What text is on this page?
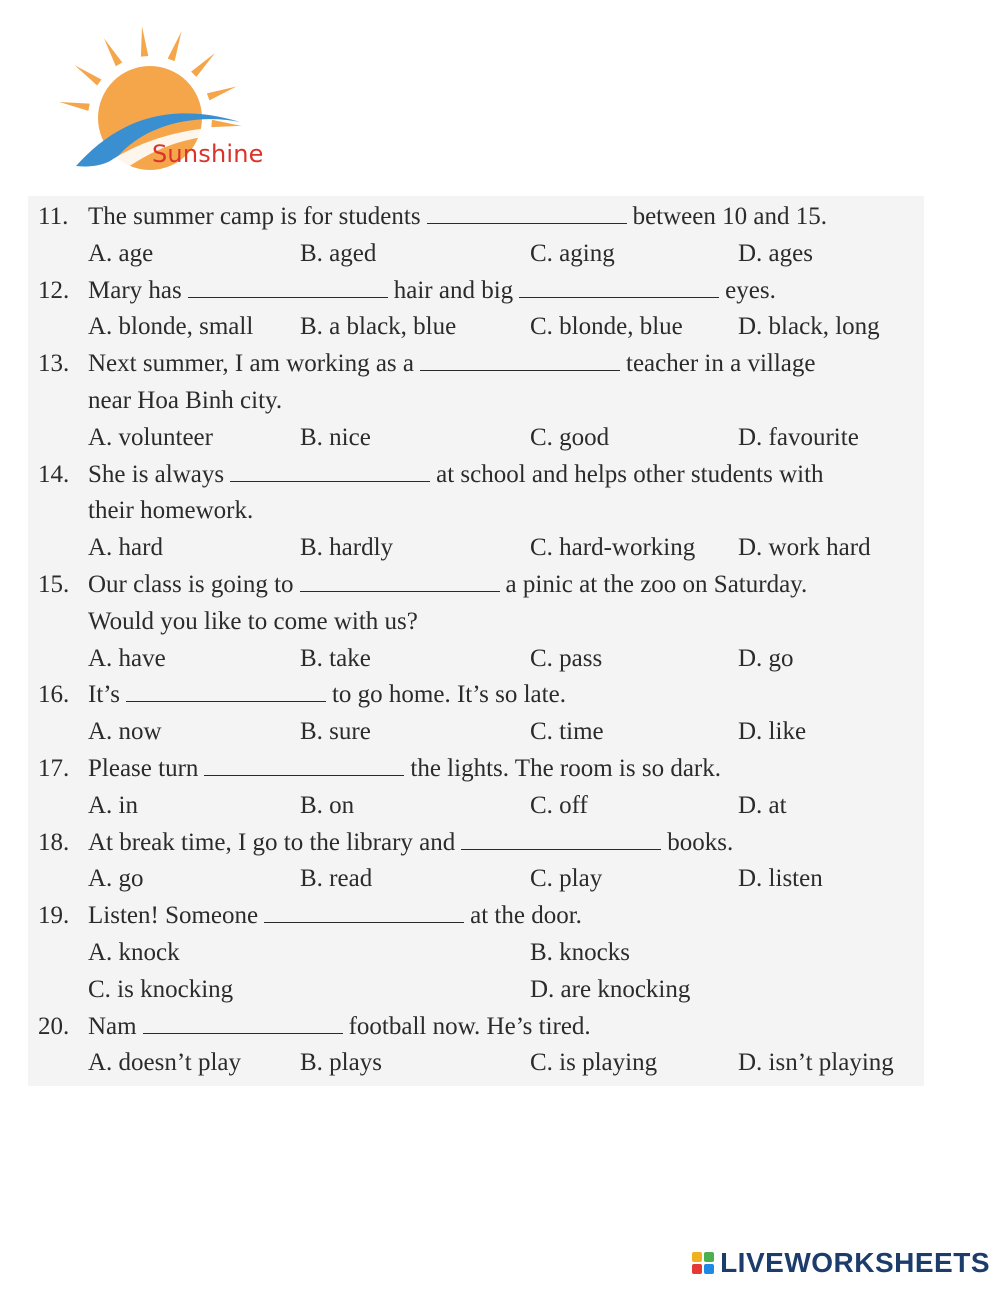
Sunshine
11. The summer camp is for students	between 10 and 15.
A. age	B. aged	C. aging	D. ages
12. Mary has	hair and big	eyes.
A. blonde, small B. a black, blue	C. blonde, blue D. black, long
13. Next summer, I am working as a	teacher in a village
near Hoa Binh city.
A. volunteer	B. nice	C. good	D. favourite
14. She is always	at school and helps other students with
their homework.
A. hard	B. hardly	C. hard-working D. work hard
15. Our class is going to	a pinic at the zoo on Saturday.
Would you like to come with us?
A. have	B. take	C. pass	D. go
16. It’s	to go home. It’s so late.
A. now	B. sure	C. time	D. like
17. Please turn	the lights. The room is so dark.
A. in	B. on	C. off	D. at
18. At break time, I go to the library and	books.
A. go	B. read	C. play	D. listen
19. Listen! Someone	at the door.
A. knock	B. knocks
C. is knocking	D. are knocking
20. Nam	football now. He’s tired.
A. doesn’t play B. plays	C. is playing	D. isn’t playing
LIVEWORKSHEETS
